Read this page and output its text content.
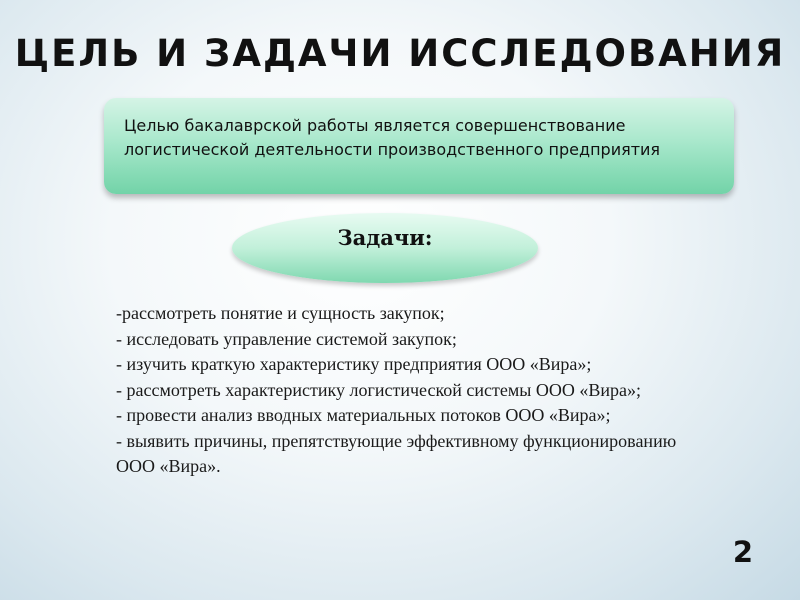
ЦЕЛЬ И ЗАДАЧИ ИССЛЕДОВАНИЯ
Целью бакалаврской работы является совершенствование логистической деятельности производственного предприятия
Задачи:
-рассмотреть понятие и сущность закупок;
- исследовать управление системой закупок;
- изучить краткую характеристику предприятия ООО «Вира»;
- рассмотреть характеристику логистической системы ООО «Вира»;
- провести анализ вводных материальных потоков ООО «Вира»;
- выявить причины, препятствующие эффективному функционированию ООО «Вира».
2
